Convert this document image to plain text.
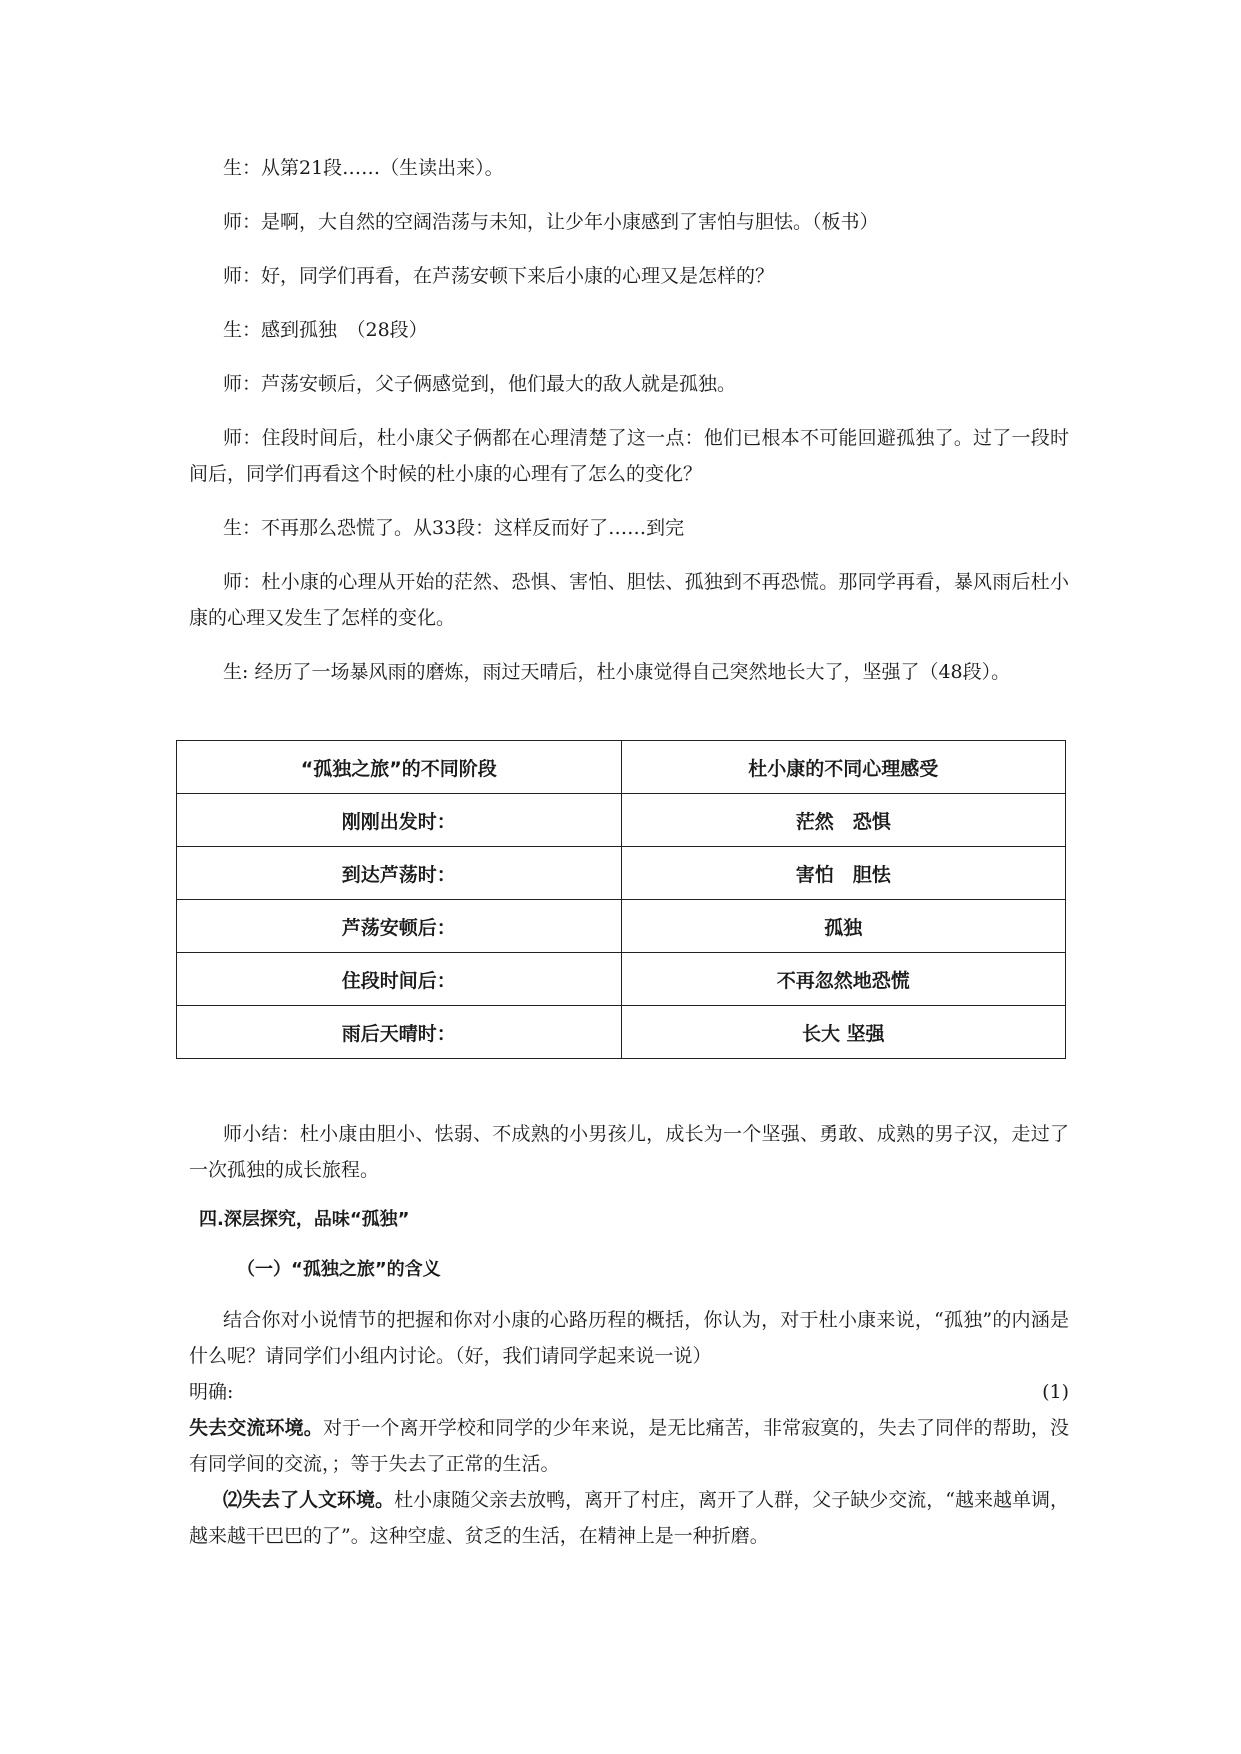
生：从第21段……（生读出来）。

师：是啊，大自然的空阔浩荡与未知，让少年小康感到了害怕与胆怯。（板书）

师：好，同学们再看，在芦荡安顿下来后小康的心理又是怎样的？

生：感到孤独　（28段）

师：芦荡安顿后，父子俩感觉到，他们最大的敌人就是孤独。

师：住段时间后，杜小康父子俩都在心理清楚了这一点：他们已根本不可能回避孤独了。过了一段时间后，同学们再看这个时候的杜小康的心理有了怎么的变化？

生：不再那么恐慌了。从33段：这样反而好了……到完

师：杜小康的心理从开始的茫然、恐惧、害怕、胆怯、孤独到不再恐慌。那同学再看，暴风雨后杜小康的心理又发生了怎样的变化。

生: 经历了一场暴风雨的磨炼，雨过天晴后，杜小康觉得自己突然地长大了，坚强了（48段）。

“孤独之旅”的不同阶段	杜小康的不同心理感受
刚刚出发时：	茫然　恐惧
到达芦荡时：	害怕　胆怯
芦荡安顿后：	孤独
住段时间后：	不再忽然地恐慌
雨后天晴时：	长大 坚强

师小结：杜小康由胆小、怯弱、不成熟的小男孩儿，成长为一个坚强、勇敢、成熟的男子汉，走过了一次孤独的成长旅程。

四.深层探究，品味“孤独”
（一）“孤独之旅”的含义

结合你对小说情节的把握和你对小康的心路历程的概括，你认为，对于杜小康来说，“孤独”的内涵是什么呢？请同学们小组内讨论。（好，我们请同学起来说一说）

明确:	(1)

失去交流环境。对于一个离开学校和同学的少年来说，是无比痛苦，非常寂寞的，失去了同伴的帮助，没有同学间的交流，；等于失去了正常的生活。

⑵失去了人文环境。杜小康随父亲去放鸭，离开了村庄，离开了人群，父子缺少交流，“越来越单调，越来越干巴巴的了”。这种空虚、贫乏的生活，在精神上是一种折磨。
